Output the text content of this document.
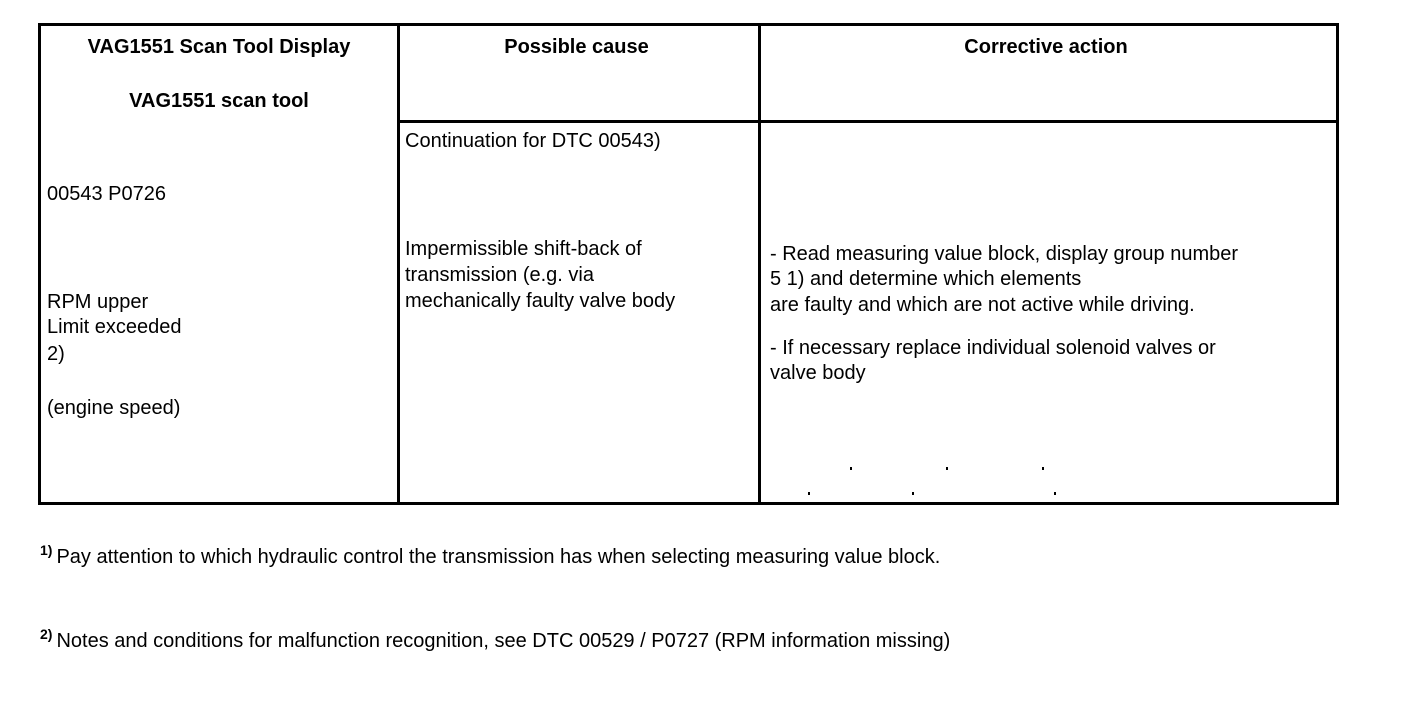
VAG1551 Scan Tool Display
VAG1551 scan tool
00543 P0726
RPM upper
Limit exceeded
2)
(engine speed)
Possible cause
Continuation for DTC 00543)
Impermissible shift-back of
transmission (e.g. via
mechanically faulty valve body
Corrective action
- Read measuring value block, display group number
5 1) and determine which elements
are faulty and which are not active while driving.
- If necessary replace individual solenoid valves or
valve body
$^{1)}$ Pay attention to which hydraulic control the transmission has when selecting measuring value block.
$^{2)}$ Notes and conditions for malfunction recognition, see DTC 00529 / P0727 (RPM information missing)
